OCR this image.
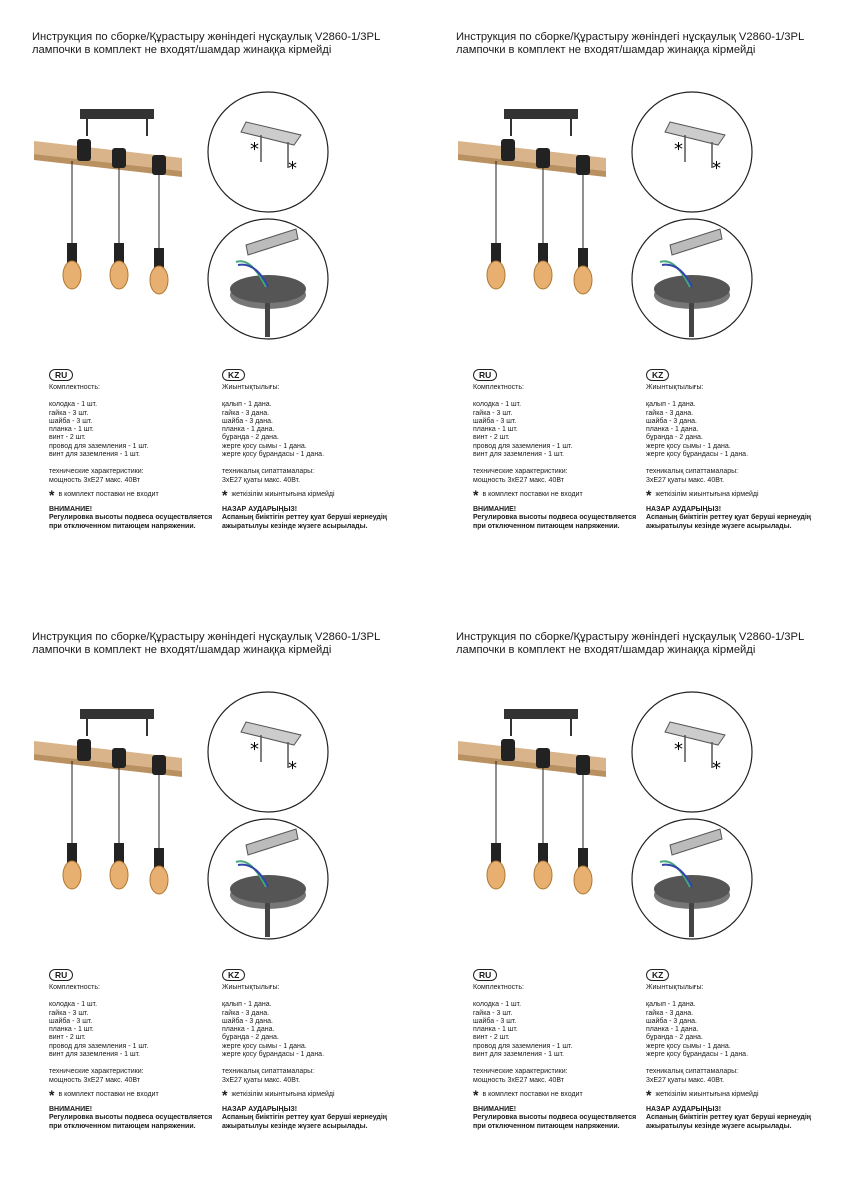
Инструкция по сборке/Құрастыру жөніндегі нұсқаулық V2860-1/3PL
лампочки в комплект не входят/шамдар жинаққа кірмейді
*
*
RU
Комплектность:
колодка - 1 шт.
гайка - 3 шт.
шайба - 3 шт.
планка - 1 шт.
винт - 2 шт.
провод для заземления - 1 шт.
винт для заземления - 1 шт.
технические характеристики:
мощность 3xE27 макс. 40Вт
* в комплект поставки не входит
ВНИМАНИЕ!
Регулировка высоты подвеса осуществляется
при отключенном питающем напряжении.
KZ
Жиынтықтылығы:
қалып - 1 дана.
гайка - 3 дана.
шайба - 3 дана.
планка - 1 дана.
бұранда - 2 дана.
жерге қосу сымы - 1 дана.
жерге қосу бұрандасы - 1 дана.
техникалық сипаттамалары:
3xE27 қуаты макс. 40Вт.
* жеткізілім жиынтығына кірмейді
НАЗАР АУДАРЫҢЫЗ!
Аспаның биіктігін реттеу қуат беруші кернеудің
ажыратылуы кезінде жүзеге асырылады.
Инструкция по сборке/Құрастыру жөніндегі нұсқаулық V2860-1/3PL
лампочки в комплект не входят/шамдар жинаққа кірмейді
*
*
RU
Комплектность:
колодка - 1 шт.
гайка - 3 шт.
шайба - 3 шт.
планка - 1 шт.
винт - 2 шт.
провод для заземления - 1 шт.
винт для заземления - 1 шт.
технические характеристики:
мощность 3xE27 макс. 40Вт
* в комплект поставки не входит
ВНИМАНИЕ!
Регулировка высоты подвеса осуществляется
при отключенном питающем напряжении.
KZ
Жиынтықтылығы:
қалып - 1 дана.
гайка - 3 дана.
шайба - 3 дана.
планка - 1 дана.
бұранда - 2 дана.
жерге қосу сымы - 1 дана.
жерге қосу бұрандасы - 1 дана.
техникалық сипаттамалары:
3xE27 қуаты макс. 40Вт.
* жеткізілім жиынтығына кірмейді
НАЗАР АУДАРЫҢЫЗ!
Аспаның биіктігін реттеу қуат беруші кернеудің
ажыратылуы кезінде жүзеге асырылады.
Инструкция по сборке/Құрастыру жөніндегі нұсқаулық V2860-1/3PL
лампочки в комплект не входят/шамдар жинаққа кірмейді
*
*
RU
Комплектность:
колодка - 1 шт.
гайка - 3 шт.
шайба - 3 шт.
планка - 1 шт.
винт - 2 шт.
провод для заземления - 1 шт.
винт для заземления - 1 шт.
технические характеристики:
мощность 3xE27 макс. 40Вт
* в комплект поставки не входит
ВНИМАНИЕ!
Регулировка высоты подвеса осуществляется
при отключенном питающем напряжении.
KZ
Жиынтықтылығы:
қалып - 1 дана.
гайка - 3 дана.
шайба - 3 дана.
планка - 1 дана.
бұранда - 2 дана.
жерге қосу сымы - 1 дана.
жерге қосу бұрандасы - 1 дана.
техникалық сипаттамалары:
3xE27 қуаты макс. 40Вт.
* жеткізілім жиынтығына кірмейді
НАЗАР АУДАРЫҢЫЗ!
Аспаның биіктігін реттеу қуат беруші кернеудің
ажыратылуы кезінде жүзеге асырылады.
Инструкция по сборке/Құрастыру жөніндегі нұсқаулық V2860-1/3PL
лампочки в комплект не входят/шамдар жинаққа кірмейді
*
*
RU
Комплектность:
колодка - 1 шт.
гайка - 3 шт.
шайба - 3 шт.
планка - 1 шт.
винт - 2 шт.
провод для заземления - 1 шт.
винт для заземления - 1 шт.
технические характеристики:
мощность 3xE27 макс. 40Вт
* в комплект поставки не входит
ВНИМАНИЕ!
Регулировка высоты подвеса осуществляется
при отключенном питающем напряжении.
KZ
Жиынтықтылығы:
қалып - 1 дана.
гайка - 3 дана.
шайба - 3 дана.
планка - 1 дана.
бұранда - 2 дана.
жерге қосу сымы - 1 дана.
жерге қосу бұрандасы - 1 дана.
техникалық сипаттамалары:
3xE27 қуаты макс. 40Вт.
* жеткізілім жиынтығына кірмейді
НАЗАР АУДАРЫҢЫЗ!
Аспаның биіктігін реттеу қуат беруші кернеудің
ажыратылуы кезінде жүзеге асырылады.
